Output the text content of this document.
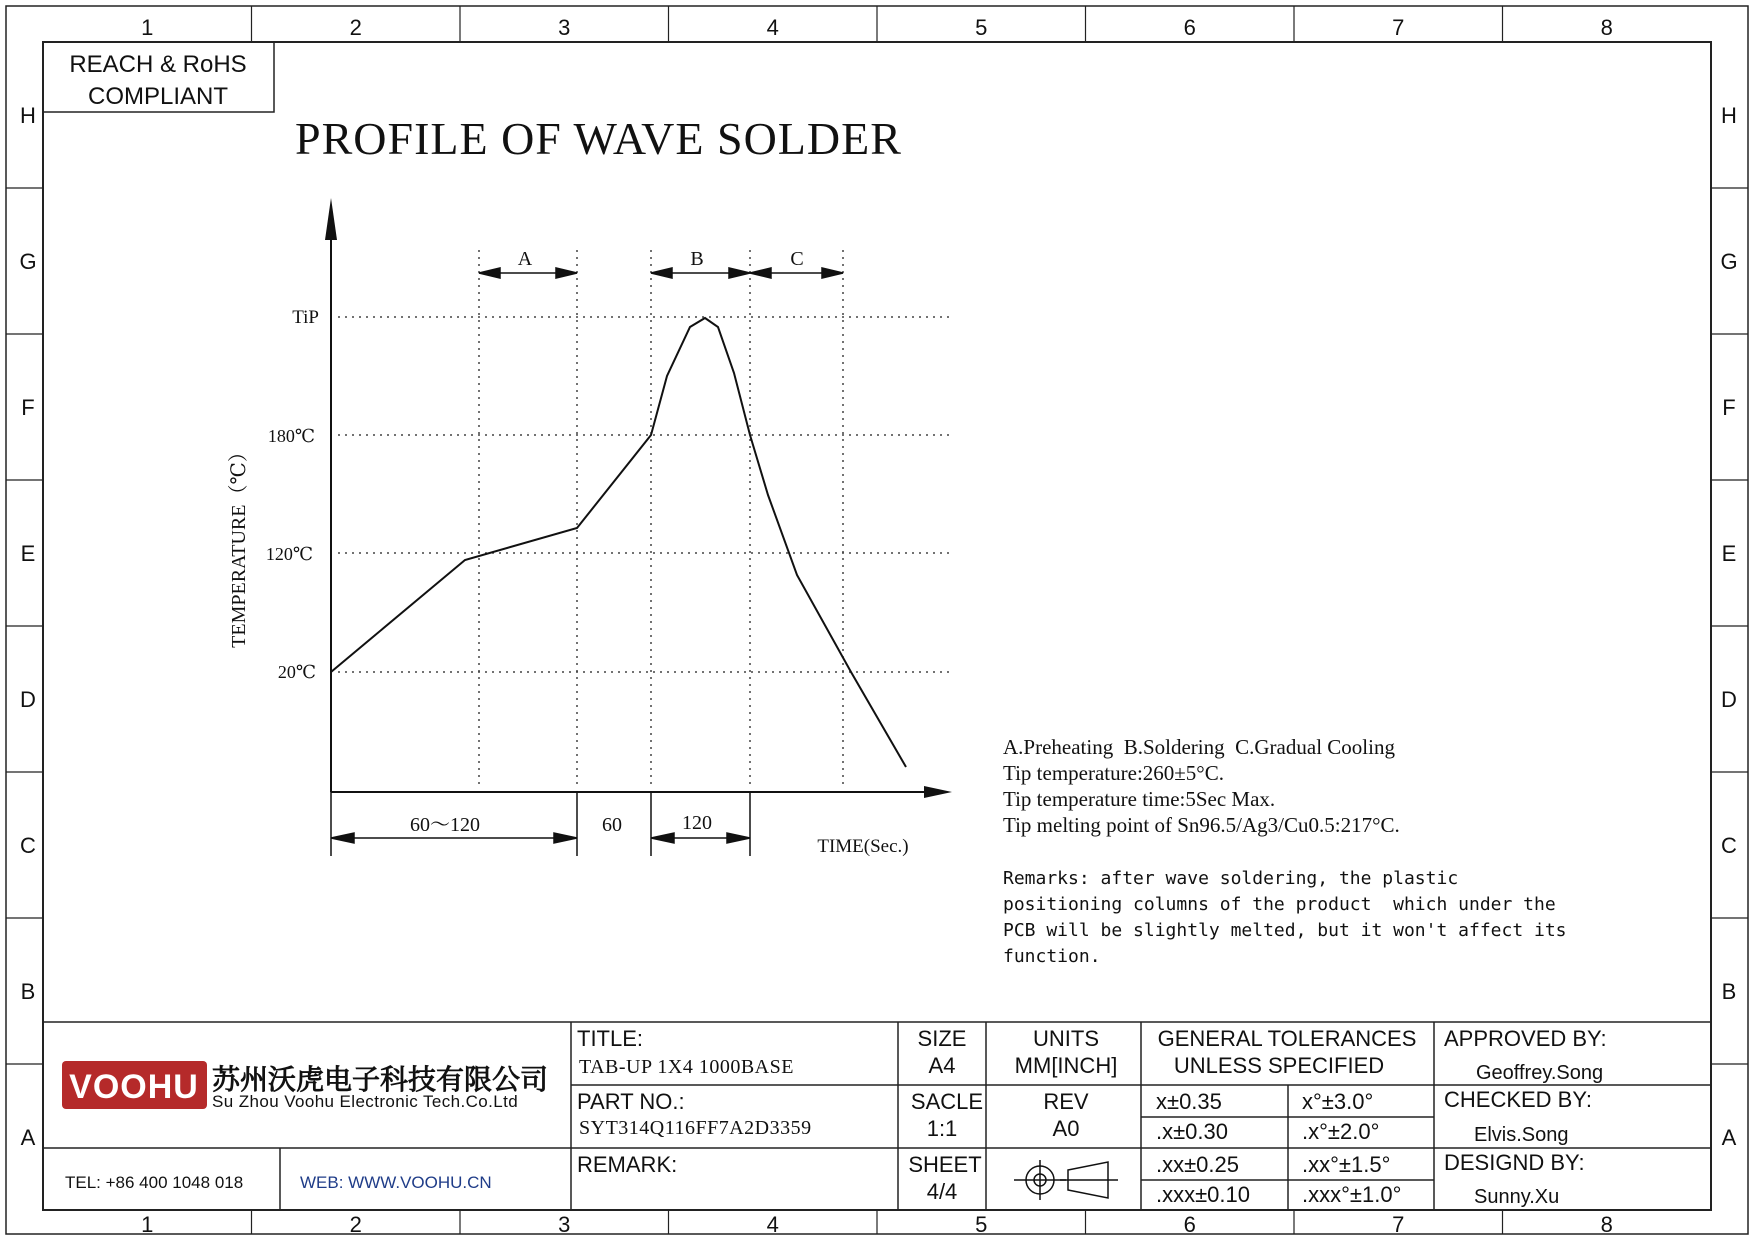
1
1
2
2
3
3
4
4
5
5
6
6
7
7
8
8
H	H
G	G
F	F
E	E
D	D
C	C
B	B
A	A
REACH & RoHS
COMPLIANT
PROFILE OF WAVE SOLDER
TiP
180℃
120℃
20℃
TEMPERATURE（℃）
A	B	C
60～120	60	120
TIME(Sec.)
A.Preheating  B.Soldering  C.Gradual Cooling
Tip temperature:260±5°C.
Tip temperature time:5Sec Max.
Tip melting point of Sn96.5/Ag3/Cu0.5:217°C.
Remarks: after wave soldering, the plastic
positioning columns of the product  which under the
PCB will be slightly melted, but it won't affect its
function.
VOOHU 苏州沃虎电子科技有限公司
Su Zhou Voohu Electronic Tech.Co.Ltd
TEL: +86 400 1048 018	WEB: WWW.VOOHU.CN
TITLE:
TAB-UP 1X4 1000BASE
PART NO.:
SYT314Q116FF7A2D3359
REMARK:
SIZE
A4
SACLE
1:1
SHEET
4/4
UNITS
MM[INCH]
REV
A0
GENERAL TOLERANCES
UNLESS SPECIFIED
x±0.35	x°±3.0°
.x±0.30	.x°±2.0°
.xx±0.25	.xx°±1.5°
.xxx±0.10 .xxx°±1.0°
APPROVED BY:
Geoffrey.Song
CHECKED BY:
Elvis.Song
DESIGND BY:
Sunny.Xu
